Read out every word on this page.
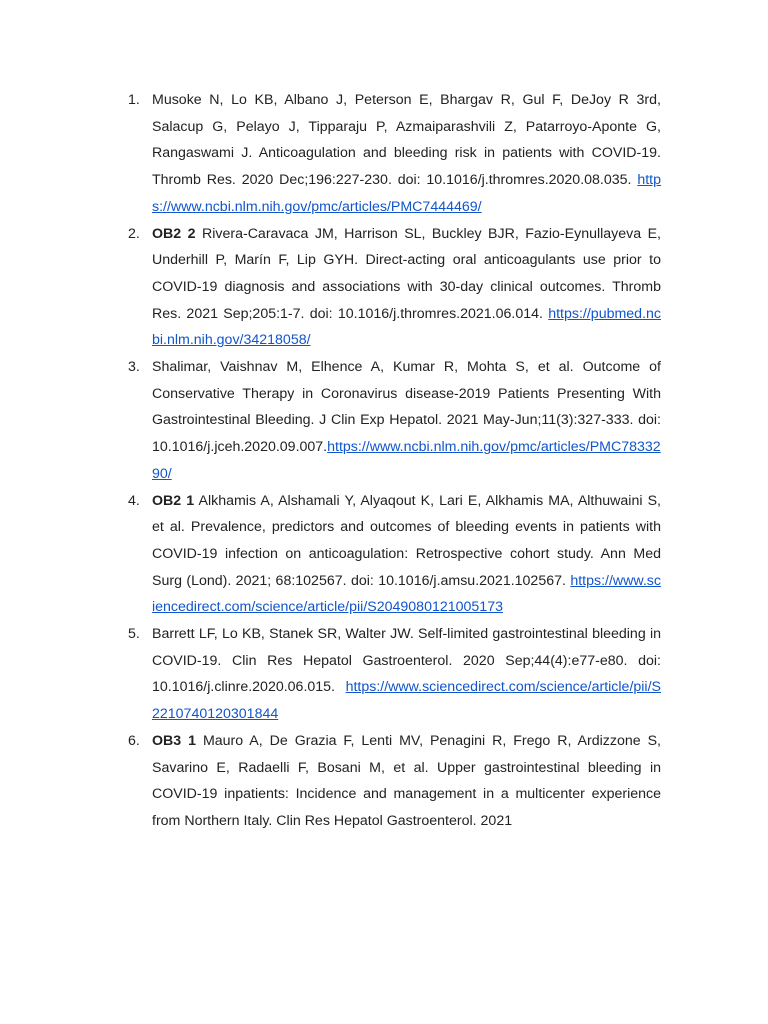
1. Musoke N, Lo KB, Albano J, Peterson E, Bhargav R, Gul F, DeJoy R 3rd, Salacup G, Pelayo J, Tipparaju P, Azmaiparashvili Z, Patarroyo-Aponte G, Rangaswami J. Anticoagulation and bleeding risk in patients with COVID-19. Thromb Res. 2020 Dec;196:227-230. doi: 10.1016/j.thromres.2020.08.035. https://www.ncbi.nlm.nih.gov/pmc/articles/PMC7444469/
2. OB2 2 Rivera-Caravaca JM, Harrison SL, Buckley BJR, Fazio-Eynullayeva E, Underhill P, Marín F, Lip GYH. Direct-acting oral anticoagulants use prior to COVID-19 diagnosis and associations with 30-day clinical outcomes. Thromb Res. 2021 Sep;205:1-7. doi: 10.1016/j.thromres.2021.06.014. https://pubmed.ncbi.nlm.nih.gov/34218058/
3. Shalimar, Vaishnav M, Elhence A, Kumar R, Mohta S, et al. Outcome of Conservative Therapy in Coronavirus disease-2019 Patients Presenting With Gastrointestinal Bleeding. J Clin Exp Hepatol. 2021 May-Jun;11(3):327-333. doi: 10.1016/j.jceh.2020.09.007.https://www.ncbi.nlm.nih.gov/pmc/articles/PMC7833290/
4. OB2 1 Alkhamis A, Alshamali Y, Alyaqout K, Lari E, Alkhamis MA, Althuwaini S, et al. Prevalence, predictors and outcomes of bleeding events in patients with COVID-19 infection on anticoagulation: Retrospective cohort study. Ann Med Surg (Lond). 2021; 68:102567. doi: 10.1016/j.amsu.2021.102567. https://www.sciencedirect.com/science/article/pii/S2049080121005173
5. Barrett LF, Lo KB, Stanek SR, Walter JW. Self-limited gastrointestinal bleeding in COVID-19. Clin Res Hepatol Gastroenterol. 2020 Sep;44(4):e77-e80. doi: 10.1016/j.clinre.2020.06.015. https://www.sciencedirect.com/science/article/pii/S2210740120301844
6. OB3 1 Mauro A, De Grazia F, Lenti MV, Penagini R, Frego R, Ardizzone S, Savarino E, Radaelli F, Bosani M, et al. Upper gastrointestinal bleeding in COVID-19 inpatients: Incidence and management in a multicenter experience from Northern Italy. Clin Res Hepatol Gastroenterol. 2021
